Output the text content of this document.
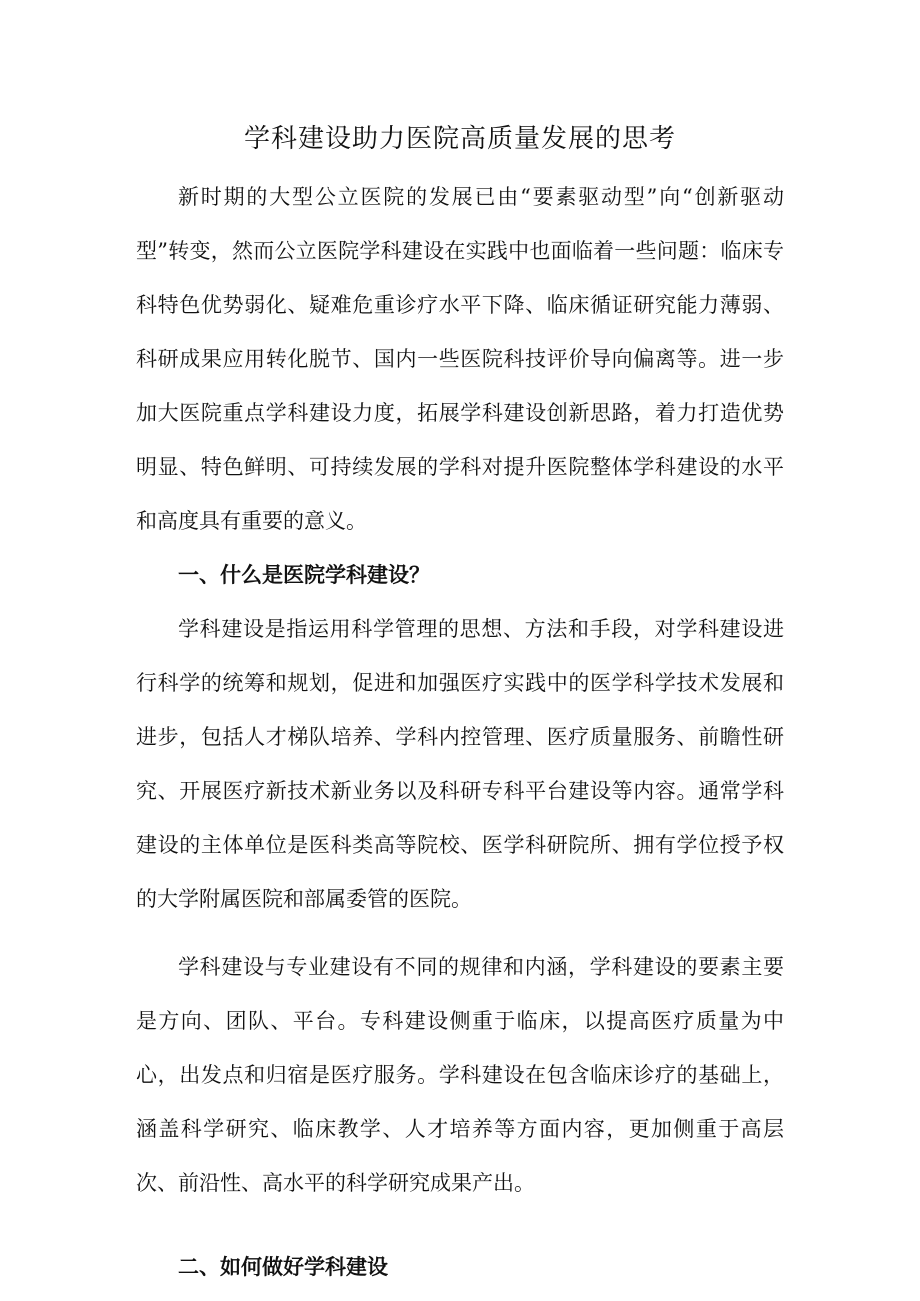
学科建设助力医院高质量发展的思考

新时期的大型公立医院的发展已由“要素驱动型”向“创新驱动型”转变，然而公立医院学科建设在实践中也面临着一些问题：临床专科特色优势弱化、疑难危重诊疗水平下降、临床循证研究能力薄弱、科研成果应用转化脱节、国内一些医院科技评价导向偏离等。进一步加大医院重点学科建设力度，拓展学科建设创新思路，着力打造优势明显、特色鲜明、可持续发展的学科对提升医院整体学科建设的水平和高度具有重要的意义。

一、什么是医院学科建设？

学科建设是指运用科学管理的思想、方法和手段，对学科建设进行科学的统筹和规划，促进和加强医疗实践中的医学科学技术发展和进步，包括人才梯队培养、学科内控管理、医疗质量服务、前瞻性研究、开展医疗新技术新业务以及科研专科平台建设等内容。通常学科建设的主体单位是医科类高等院校、医学科研院所、拥有学位授予权的大学附属医院和部属委管的医院。

学科建设与专业建设有不同的规律和内涵，学科建设的要素主要是方向、团队、平台。专科建设侧重于临床，以提高医疗质量为中心，出发点和归宿是医疗服务。学科建设在包含临床诊疗的基础上，涵盖科学研究、临床教学、人才培养等方面内容，更加侧重于高层次、前沿性、高水平的科学研究成果产出。

二、如何做好学科建设
